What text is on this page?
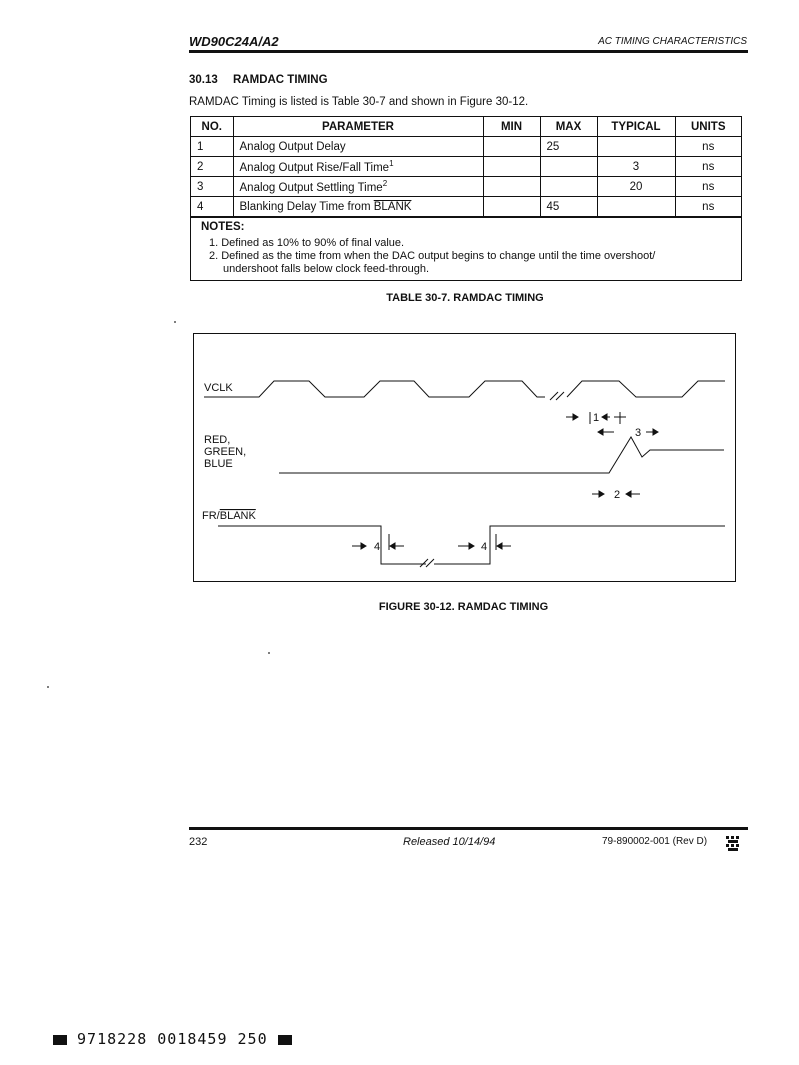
WD90C24A/A2	AC TIMING CHARACTERISTICS
30.13 RAMDAC TIMING
RAMDAC Timing is listed is Table 30-7 and shown in Figure 30-12.
NO.	PARAMETER	MIN	MAX	TYPICAL	UNITS
1	Analog Output Delay		25		ns
2	Analog Output Rise/Fall Time$^1$			3	ns
3	Analog Output Settling Time$^2$			20	ns
4	Blanking Delay Time from BLANK		45		ns
NOTES:
1. Defined as 10% to 90% of final value.
2. Defined as the time from when the DAC output begins to change until the time overshoot/
undershoot falls below clock feed-through.
TABLE 30-7. RAMDAC TIMING
VCLK
RED,
GREEN,
BLUE
FR/BLANK
1
3
2
4	4
FIGURE 30-12. RAMDAC TIMING
232	Released 10/14/94	79-890002-001 (Rev D)
9718228 0018459 250
